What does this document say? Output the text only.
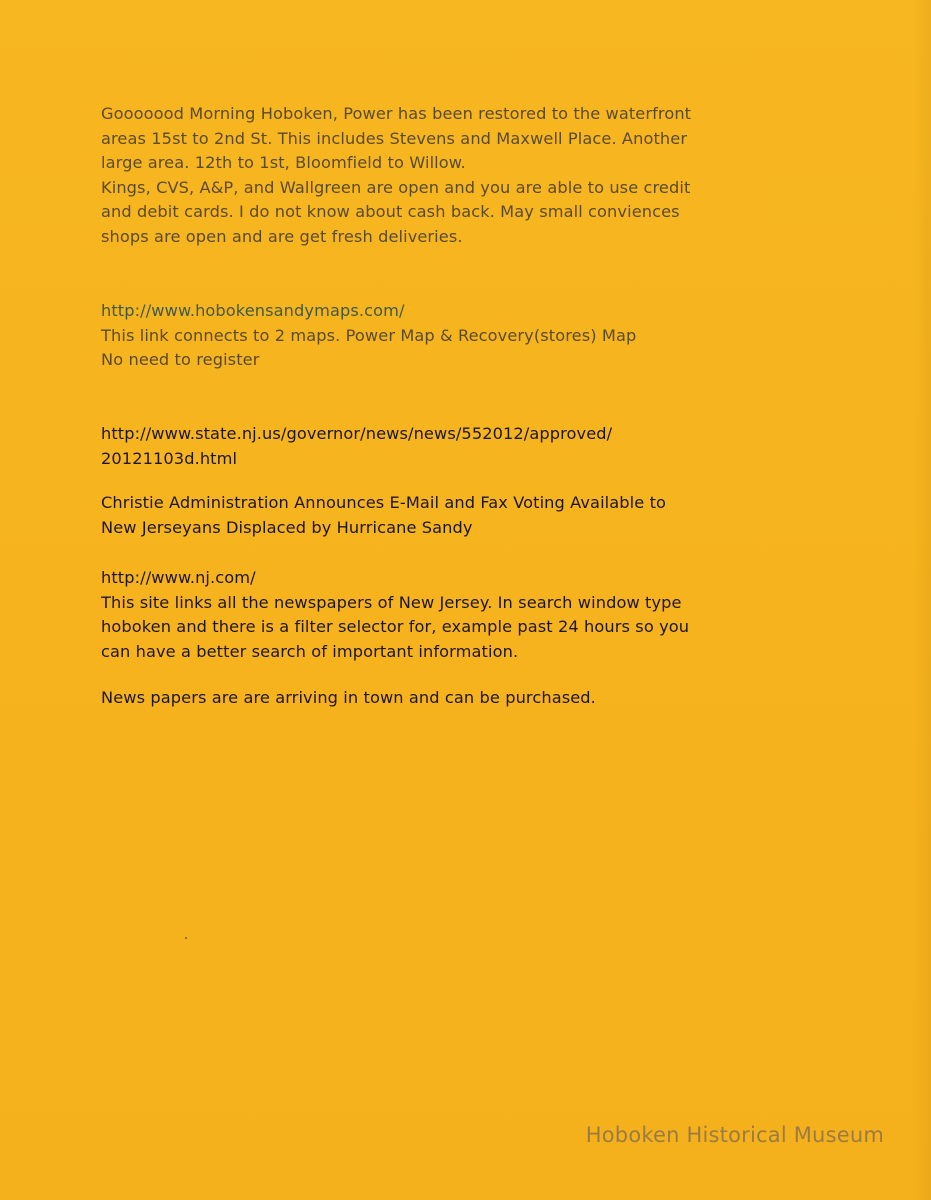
Gooooood Morning Hoboken, Power has been restored to the waterfront
areas 15st to 2nd St. This includes Stevens and Maxwell Place. Another
large area. 12th to 1st, Bloomfield to Willow.
Kings, CVS, A&P, and Wallgreen are open and you are able to use credit
and debit cards. I do not know about cash back. May small conviences
shops are open and are get fresh deliveries.
http://www.hobokensandymaps.com/
This link connects to 2 maps. Power Map & Recovery(stores) Map
No need to register
http://www.state.nj.us/governor/news/news/552012/approved/
20121103d.html
Christie Administration Announces E-Mail and Fax Voting Available to
New Jerseyans Displaced by Hurricane Sandy
http://www.nj.com/
This site links all the newspapers of New Jersey. In search window type
hoboken and there is a filter selector for, example past 24 hours so you
can have a better search of important information.
News papers are are arriving in town and can be purchased.
Hoboken Historical Museum
